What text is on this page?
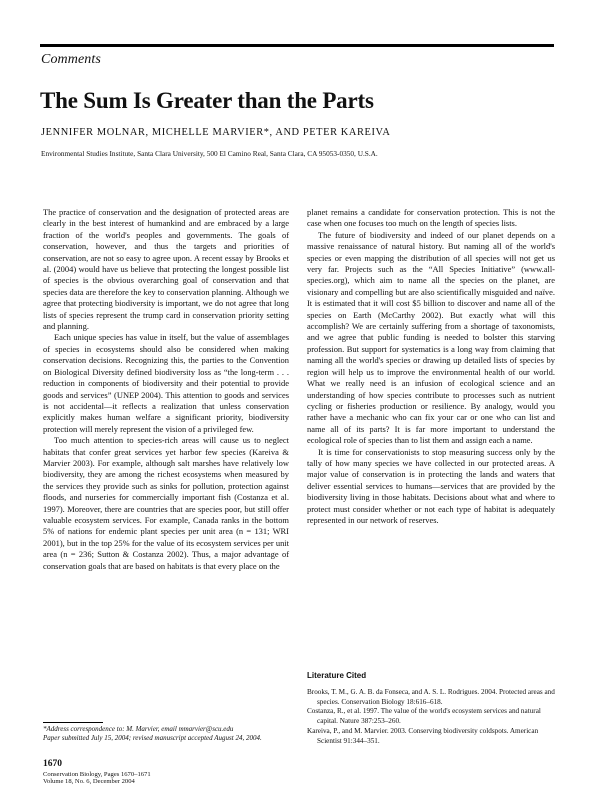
Comments
The Sum Is Greater than the Parts
JENNIFER MOLNAR, MICHELLE MARVIER*, AND PETER KAREIVA
Environmental Studies Institute, Santa Clara University, 500 El Camino Real, Santa Clara, CA 95053-0350, U.S.A.

The practice of conservation and the designation of protected areas are clearly in the best interest of humankind and are embraced by a large fraction of the world's peoples and governments. The goals of conservation, however, and thus the targets and priorities of conservation, are not so easy to agree upon. A recent essay by Brooks et al. (2004) would have us believe that protecting the longest possible list of species is the obvious overarching goal of conservation and that species data are therefore the key to conservation planning. Although we agree that protecting biodiversity is important, we do not agree that long lists of species represent the trump card in conservation priority setting and planning.

Each unique species has value in itself, but the value of assemblages of species in ecosystems should also be considered when making conservation decisions. Recognizing this, the parties to the Convention on Biological Diversity defined biodiversity loss as “the long-term . . . reduction in components of biodiversity and their potential to provide goods and services” (UNEP 2004). This attention to goods and services is not accidental—it reflects a realization that unless conservation explicitly makes human welfare a significant priority, biodiversity protection will merely represent the vision of a privileged few.

Too much attention to species-rich areas will cause us to neglect habitats that confer great services yet harbor few species (Kareiva & Marvier 2003). For example, although salt marshes have relatively low biodiversity, they are among the richest ecosystems when measured by the services they provide such as sinks for pollution, protection against floods, and nurseries for commercially important fish (Costanza et al. 1997). Moreover, there are countries that are species poor, but still offer valuable ecosystem services. For example, Canada ranks in the bottom 5% of nations for endemic plant species per unit area (n = 131; WRI 2001), but in the top 25% for the value of its ecosystem services per unit area (n = 236; Sutton & Costanza 2002). Thus, a major advantage of conservation goals that are based on habitats is that every place on the

planet remains a candidate for conservation protection. This is not the case when one focuses too much on the length of species lists.

The future of biodiversity and indeed of our planet depends on a massive renaissance of natural history. But naming all of the world's species or even mapping the distribution of all species will not get us very far. Projects such as the “All Species Initiative” (www.all-species.org), which aim to name all the species on the planet, are visionary and compelling but are also scientifically misguided and naïve. It is estimated that it will cost $5 billion to discover and name all of the species on Earth (McCarthy 2002). But exactly what will this accomplish? We are certainly suffering from a shortage of taxonomists, and we agree that public funding is needed to bolster this starving profession. But support for systematics is a long way from claiming that naming all the world's species or drawing up detailed lists of species by region will help us to improve the environmental health of our world. What we really need is an infusion of ecological science and an understanding of how species contribute to processes such as nutrient cycling or fisheries production or resilience. By analogy, would you rather have a mechanic who can fix your car or one who can list and name all of its parts? It is far more important to understand the ecological role of species than to list them and assign each a name.

It is time for conservationists to stop measuring success only by the tally of how many species we have collected in our protected areas. A major value of conservation is in protecting the lands and waters that deliver essential services to humans—services that are provided by the biodiversity living in those habitats. Decisions about what and where to protect must consider whether or not each type of habitat is adequately represented in our network of reserves.

Literature Cited
Brooks, T. M., G. A. B. da Fonseca, and A. S. L. Rodrigues. 2004. Protected areas and species. Conservation Biology 18:616–618.
Costanza, R., et al. 1997. The value of the world's ecosystem services and natural capital. Nature 387:253–260.
Kareiva, P., and M. Marvier. 2003. Conserving biodiversity coldspots. American Scientist 91:344–351.
*Address correspondence to: M. Marvier, email mmarvier@scu.edu
Paper submitted July 15, 2004; revised manuscript accepted August 24, 2004.
1670
Conservation Biology, Pages 1670–1671
Volume 18, No. 6, December 2004
